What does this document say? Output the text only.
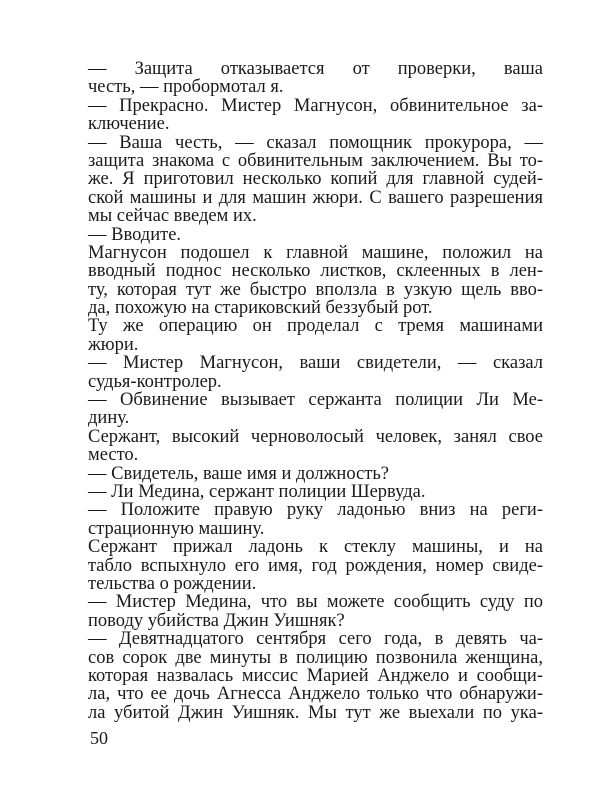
— Защита отказывается от проверки, ваша
честь, — пробормотал я.
— Прекрасно. Мистер Магнусон, обвинительное за-
ключение.
— Ваша честь, — сказал помощник прокурора, —
защита знакома с обвинительным заключением. Вы то-
же. Я приготовил несколько копий для главной судей-
ской машины и для машин жюри. С вашего разрешения
мы сейчас введем их.
— Вводите.
Магнусон подошел к главной машине, положил на
вводный поднос несколько листков, склеенных в лен-
ту, которая тут же быстро вползла в узкую щель вво-
да, похожую на стариковский беззубый рот.
Ту же операцию он проделал с тремя машинами
жюри.
— Мистер Магнусон, ваши свидетели, — сказал
судья-контролер.
— Обвинение вызывает сержанта полиции Ли Ме-
дину.
Сержант, высокий черноволосый человек, занял свое
место.
— Свидетель, ваше имя и должность?
— Ли Медина, сержант полиции Шервуда.
— Положите правую руку ладонью вниз на реги-
страционную машину.
Сержант прижал ладонь к стеклу машины, и на
табло вспыхнуло его имя, год рождения, номер свиде-
тельства о рождении.
— Мистер Медина, что вы можете сообщить суду по
поводу убийства Джин Уишняк?
— Девятнадцатого сентября сего года, в девять ча-
сов сорок две минуты в полицию позвонила женщина,
которая назвалась миссис Марией Анджело и сообщи-
ла, что ее дочь Агнесса Анджело только что обнаружи-
ла убитой Джин Уишняк. Мы тут же выехали по ука-
50
